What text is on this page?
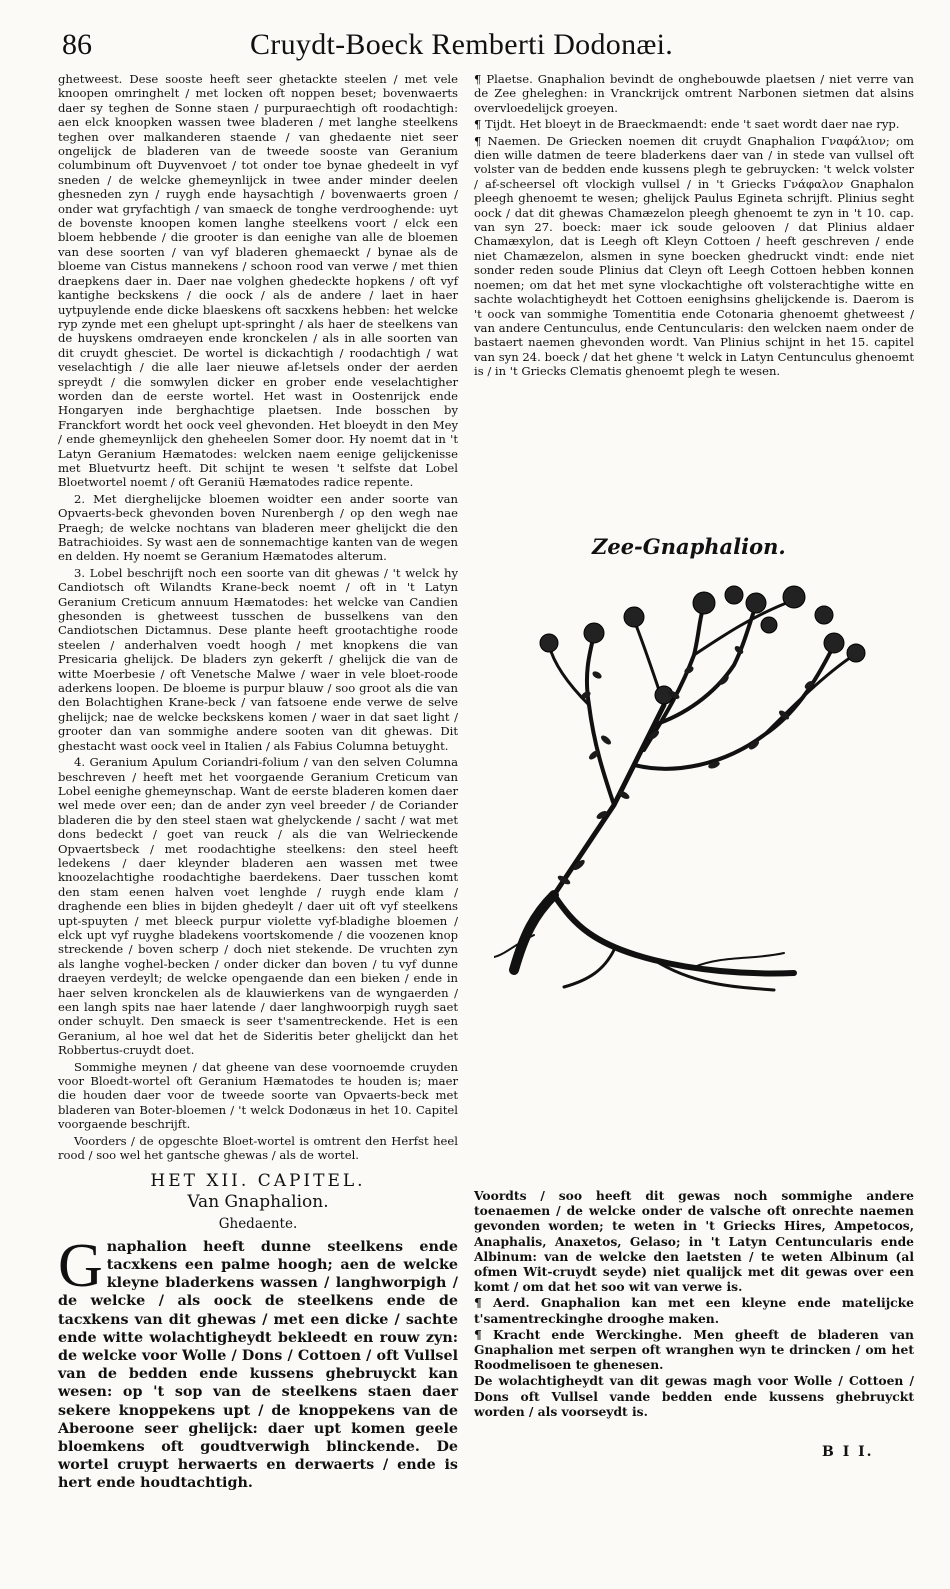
86	Cruydt-Boeck Remberti Dodonæi.

ghetweest. Dese sooste heeft seer ghetackte steelen / met vele knoopen omringhelt / met locken oft noppen beset; bovenwaerts daer sy teghen de Sonne staen / purpuraechtigh oft roodachtigh: aen elck knoopken wassen twee bladeren / met langhe steelkens teghen over malkanderen staende / van ghedaente niet seer ongelijck de bladeren van de tweede sooste van Geranium columbinum oft Duyvenvoet / tot onder toe bynae ghedeelt in vyf sneden / de welcke ghemeynlijck in twee ander minder deelen ghesneden zyn / ruygh ende haysachtigh / bovenwaerts groen / onder wat gryfachtigh / van smaeck de tonghe verdrooghende: uyt de bovenste knoopen komen langhe steelkens voort / elck een bloem hebbende / die grooter is dan eenighe van alle de bloemen van dese soorten / van vyf bladeren ghemaeckt / bynae als de bloeme van Cistus mannekens / schoon rood van verwe / met thien draepkens daer in. Daer nae volghen ghedeckte hopkens / oft vyf kantighe beckskens / die oock / als de andere / laet in haer uytpuylende ende dicke blaeskens oft sacxkens hebben: het welcke ryp zynde met een ghelupt upt-springht / als haer de steelkens van de huyskens omdraeyen ende kronckelen / als in alle soorten van dit cruydt ghesciet. De wortel is dickachtigh / roodachtigh / wat veselachtigh / die alle laer nieuwe af-letsels onder der aerden spreydt / die somwylen dicker en grober ende veselachtigher worden dan de eerste wortel. Het wast in Oostenrijck ende Hongaryen inde berghachtige plaetsen. Inde bosschen by Franckfort wordt het oock veel ghevonden. Het bloeydt in den Mey / ende ghemeynlijck den gheheelen Somer door. Hy noemt dat in 't Latyn Geranium Hæmatodes: welcken naem eenige gelijckenisse met Bluetvurtz heeft. Dit schijnt te wesen 't selfste dat Lobel Bloetwortel noemt / oft Geraniü Hæmatodes radice repente.

2. Met dierghelijcke bloemen woidter een ander soorte van Opvaerts-beck ghevonden boven Nurenbergh / op den wegh nae Praegh; de welcke nochtans van bladeren meer ghelijckt die den Batrachioides. Sy wast aen de sonnemachtige kanten van de wegen en delden. Hy noemt se Geranium Hæmatodes alterum.

3. Lobel beschrijft noch een soorte van dit ghewas / 't welck hy Candiotsch oft Wilandts Krane-beck noemt / oft in 't Latyn Geranium Creticum annuum Hæmatodes: het welcke van Candien ghesonden is ghetweest tusschen de busselkens van den Candiotschen Dictamnus. Dese plante heeft grootachtighe roode steelen / anderhalven voedt hoogh / met knopkens die van Presicaria ghelijck. De bladers zyn gekerft / ghelijck die van de witte Moerbesie / oft Venetsche Malwe / waer in vele bloet-roode aderkens loopen. De bloeme is purpur blauw / soo groot als die van den Bolachtighen Krane-beck / van fatsoene ende verwe de selve ghelijck; nae de welcke beckskens komen / waer in dat saet light / grooter dan van sommighe andere sooten van dit ghewas. Dit ghestacht wast oock veel in Italien / als Fabius Columna betuyght.

4. Geranium Apulum Coriandri-folium / van den selven Columna beschreven / heeft met het voorgaende Geranium Creticum van Lobel eenighe ghemeynschap. Want de eerste bladeren komen daer wel mede over een; dan de ander zyn veel breeder / de Coriander bladeren die by den steel staen wat ghelyckende / sacht / wat met dons bedeckt / goet van reuck / als die van Welrieckende Opvaertsbeck / met roodachtighe steelkens: den steel heeft ledekens / daer kleynder bladeren aen wassen met twee knoozelachtighe roodachtighe baerdekens. Daer tusschen komt den stam eenen halven voet lenghde / ruygh ende klam / draghende een blies in bijden ghedeylt / daer uit oft vyf steelkens upt-spuyten / met bleeck purpur violette vyf-bladighe bloemen / elck upt vyf ruyghe bladekens voortskomende / die voozenen knop streckende / boven scherp / doch niet stekende. De vruchten zyn als langhe voghel-becken / onder dicker dan boven / tu vyf dunne draeyen verdeylt; de welcke opengaende dan een bieken / ende in haer selven kronckelen als de klauwierkens van de wyngaerden / een langh spits nae haer latende / daer langhwoorpigh ruygh saet onder schuylt. Den smaeck is seer t'samentreckende. Het is een Geranium, al hoe wel dat het de Sideritis beter ghelijckt dan het Robbertus-cruydt doet.

Sommighe meynen / dat gheene van dese voornoemde cruyden voor Bloedt-wortel oft Geranium Hæmatodes te houden is; maer die houden daer voor de tweede soorte van Opvaerts-beck met bladeren van Boter-bloemen / 't welck Dodonæus in het 10. Capitel voorgaende beschrijft.

Voorders / de opgeschte Bloet-wortel is omtrent den Herfst heel rood / soo wel het gantsche ghewas / als de wortel.

HET XII. CAPITEL.
Van Gnaphalion.
Ghedaente.

Gnaphalion heeft dunne steelkens ende tacxkens een palme hoogh; aen de welcke kleyne bladerkens wassen / langhworpigh / de welcke / als oock de steelkens ende de tacxkens van dit ghewas / met een dicke / sachte ende witte wolachtigheydt bekleedt en rouw zyn: de welcke voor Wolle / Dons / Cottoen / oft Vullsel van de bedden ende kussens ghebruyckt kan wesen: op 't sop van de steelkens staen daer sekere knoppekens upt / de knoppekens van de Aberoone seer ghelijck: daer upt komen geele bloemkens oft goudtverwigh blinckende. De wortel cruypt herwaerts en derwaerts / ende is hert ende houdtachtigh.

¶ Plaetse. Gnaphalion bevindt de onghebouwde plaetsen / niet verre van de Zee gheleghen: in Vranckrijck omtrent Narbonen sietmen dat alsins overvloedelijck groeyen.

¶ Tijdt. Het bloeyt in de Braeckmaendt: ende 't saet wordt daer nae ryp.

¶ Naemen. De Griecken noemen dit cruydt Gnaphalion Γναφάλιον; om dien wille datmen de teere bladerkens daer van / in stede van vullsel oft volster van de bedden ende kussens plegh te gebruycken: 't welck volster / af-scheersel oft vlockigh vullsel / in 't Griecks Γνάφαλον Gnaphalon pleegh ghenoemt te wesen; ghelijck Paulus Egineta schrijft. Plinius seght oock / dat dit ghewas Chamæzelon pleegh ghenoemt te zyn in 't 10. cap. van syn 27. boeck: maer ick soude gelooven / dat Plinius aldaer Chamæxylon, dat is Leegh oft Kleyn Cottoen / heeft geschreven / ende niet Chamæzelon, alsmen in syne boecken ghedruckt vindt: ende niet sonder reden soude Plinius dat Cleyn oft Leegh Cottoen hebben konnen noemen; om dat het met syne vlockachtighe oft volsterachtighe witte en sachte wolachtigheydt het Cottoen eenighsins ghelijckende is. Daerom is 't oock van sommighe Tomentitia ende Cotonaria ghenoemt ghetweest / van andere Centunculus, ende Centuncularis: den welcken naem onder de bastaert naemen ghevonden wordt. Van Plinius schijnt in het 15. capitel van syn 24. boeck / dat het ghene 't welck in Latyn Centunculus ghenoemt is / in 't Griecks Clematis ghenoemt plegh te wesen.

Zee-Gnaphalion.

Voordts / soo heeft dit gewas noch sommighe andere toenaemen / de welcke onder de valsche oft onrechte naemen gevonden worden; te weten in 't Griecks Hires, Ampetocos, Anaphalis, Anaxetos, Gelaso; in 't Latyn Centuncularis ende Albinum: van de welcke den laetsten / te weten Albinum (al ofmen Wit-cruydt seyde) niet qualijck met dit gewas over een komt / om dat het soo wit van verwe is.

¶ Aerd. Gnaphalion kan met een kleyne ende matelijcke t'samentreckinghe drooghe maken.

¶ Kracht ende Werckinghe. Men gheeft de bladeren van Gnaphalion met serpen oft wranghen wyn te drincken / om het Roodmelisoen te ghenesen.

De wolachtigheydt van dit gewas magh voor Wolle / Cottoen / Dons oft Vullsel vande bedden ende kussens ghebruyckt worden / als voorseydt is.

B I I.
